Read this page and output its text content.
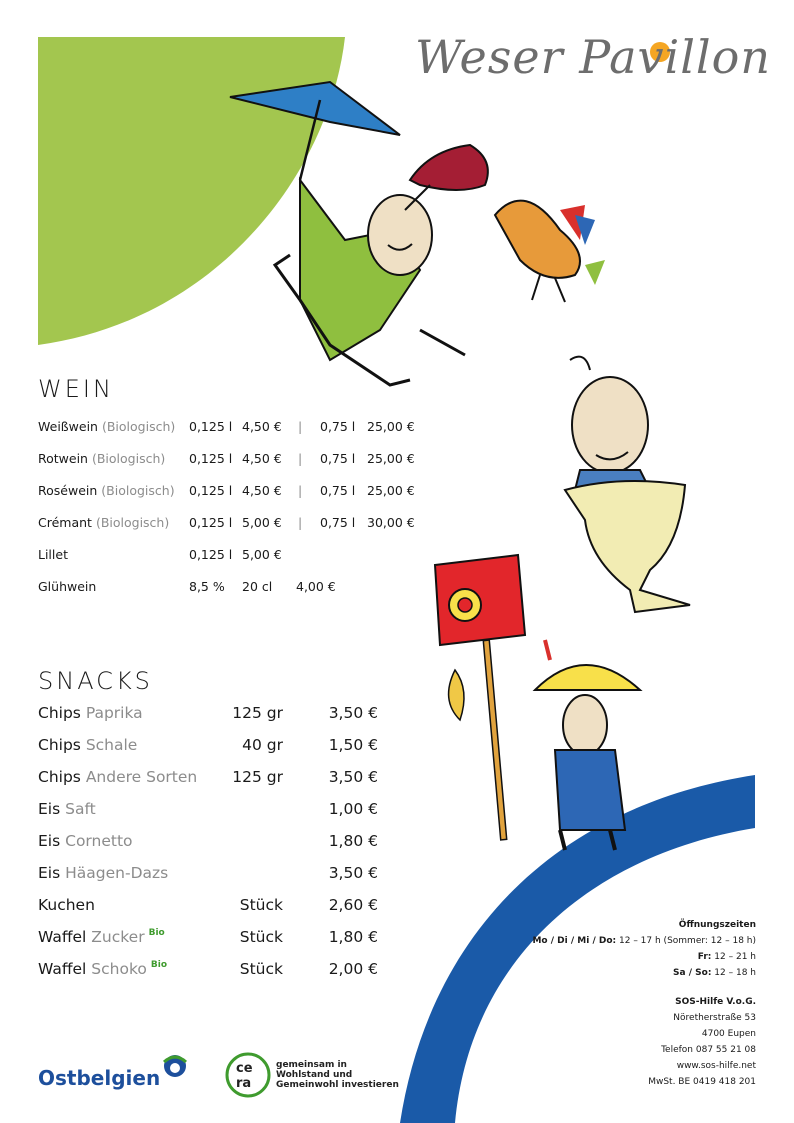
ce
ra
Weser Pavillon
WEIN
Weißwein (Biologisch) 0,125 l 4,50 € | 0,75 l 25,00 €
Rotwein (Biologisch) 0,125 l 4,50 € | 0,75 l 25,00 €
Roséwein (Biologisch) 0,125 l 4,50 € | 0,75 l 25,00 €
Crémant (Biologisch) 0,125 l 5,00 € | 0,75 l 30,00 €
Lillet	0,125 l 5,00 €
Glühwein	8,5 % 20 cl 4,00 €
SNACKS
Chips Paprika	125 gr	3,50 €
Chips Schale	40 gr	1,50 €
Chips Andere Sorten 125 gr	3,50 €
Eis Saft	1,00 €
Eis Cornetto	1,80 €
Eis Häagen-Dazs	3,50 €
Kuchen	Stück	2,60 €
Waffel Zucker Bio	Stück	1,80 €
Waffel Schoko Bio	Stück	2,00 €
Öffnungszeiten
Mo / Di / Mi / Do: 12 – 17 h (Sommer: 12 – 18 h)
Fr: 12 – 21 h
Sa / So: 12 – 18 h
SOS-Hilfe V.o.G.
Nöretherstraße 53
4700 Eupen
Telefon 087 55 21 08
www.sos-hilfe.net
MwSt. BE 0419 418 201
Ostbelgien
gemeinsam in
Wohlstand und
Gemeinwohl investieren
